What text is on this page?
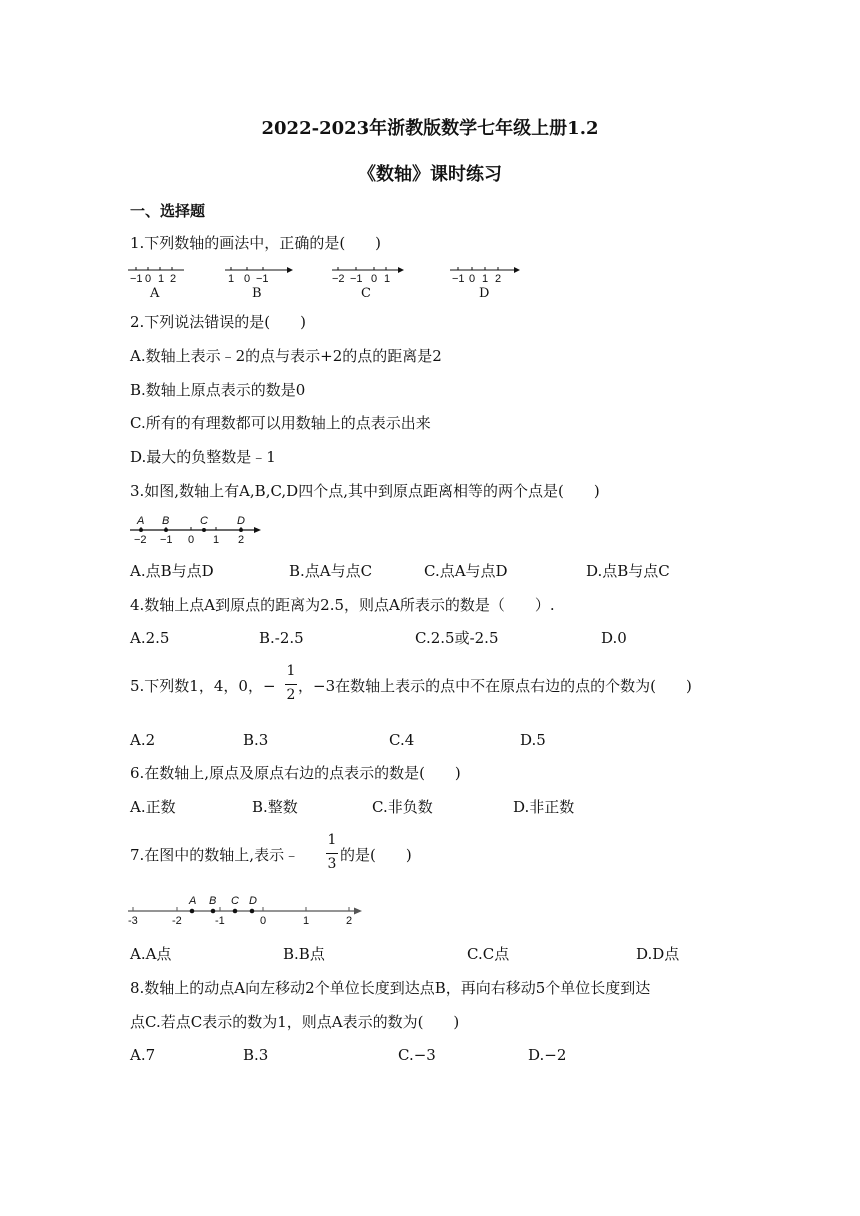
2022-2023年浙教版数学七年级上册1.2
《数轴》课时练习
一、选择题
1.下列数轴的画法中，正确的是(　　)
−1 0 1 2
A
1 0 −1
B
−2 −1 0 1
C
−1 0 1 2
D
2.下列说法错误的是(　　)
A.数轴上表示﹣2的点与表示+2的点的距离是2
B.数轴上原点表示的数是0
C.所有的有理数都可以用数轴上的点表示出来
D.最大的负整数是﹣1
3.如图,数轴上有A,B,C,D四个点,其中到原点距离相等的两个点是(　　)
A B	C	D
−2 −1 0 1 2
A.点B与点D	B.点A与点C	C.点A与点D	D.点B与点C
4.数轴上点A到原点的距离为2.5，则点A所表示的数是（　　）.
A.2.5	B.-2.5	C.2.5或-2.5	D.0
5.下列数1，4，0，−
1
2 ，−3在数轴上表示的点中不在原点右边的点的个数为(　　)
A.2	B.3	C.4	D.5
6.在数轴上,原点及原点右边的点表示的数是(　　)
A.正数	B.整数	C.非负数	D.非正数
7.在图中的数轴上,表示﹣
1
3 的是(　　)
A B C D
-3	-2	-1	0	1	2
A.A点	B.B点	C.C点	D.D点
8.数轴上的动点A向左移动2个单位长度到达点B，再向右移动5个单位长度到达
点C.若点C表示的数为1，则点A表示的数为(　　)
A.7	B.3	C.−3	D.−2
